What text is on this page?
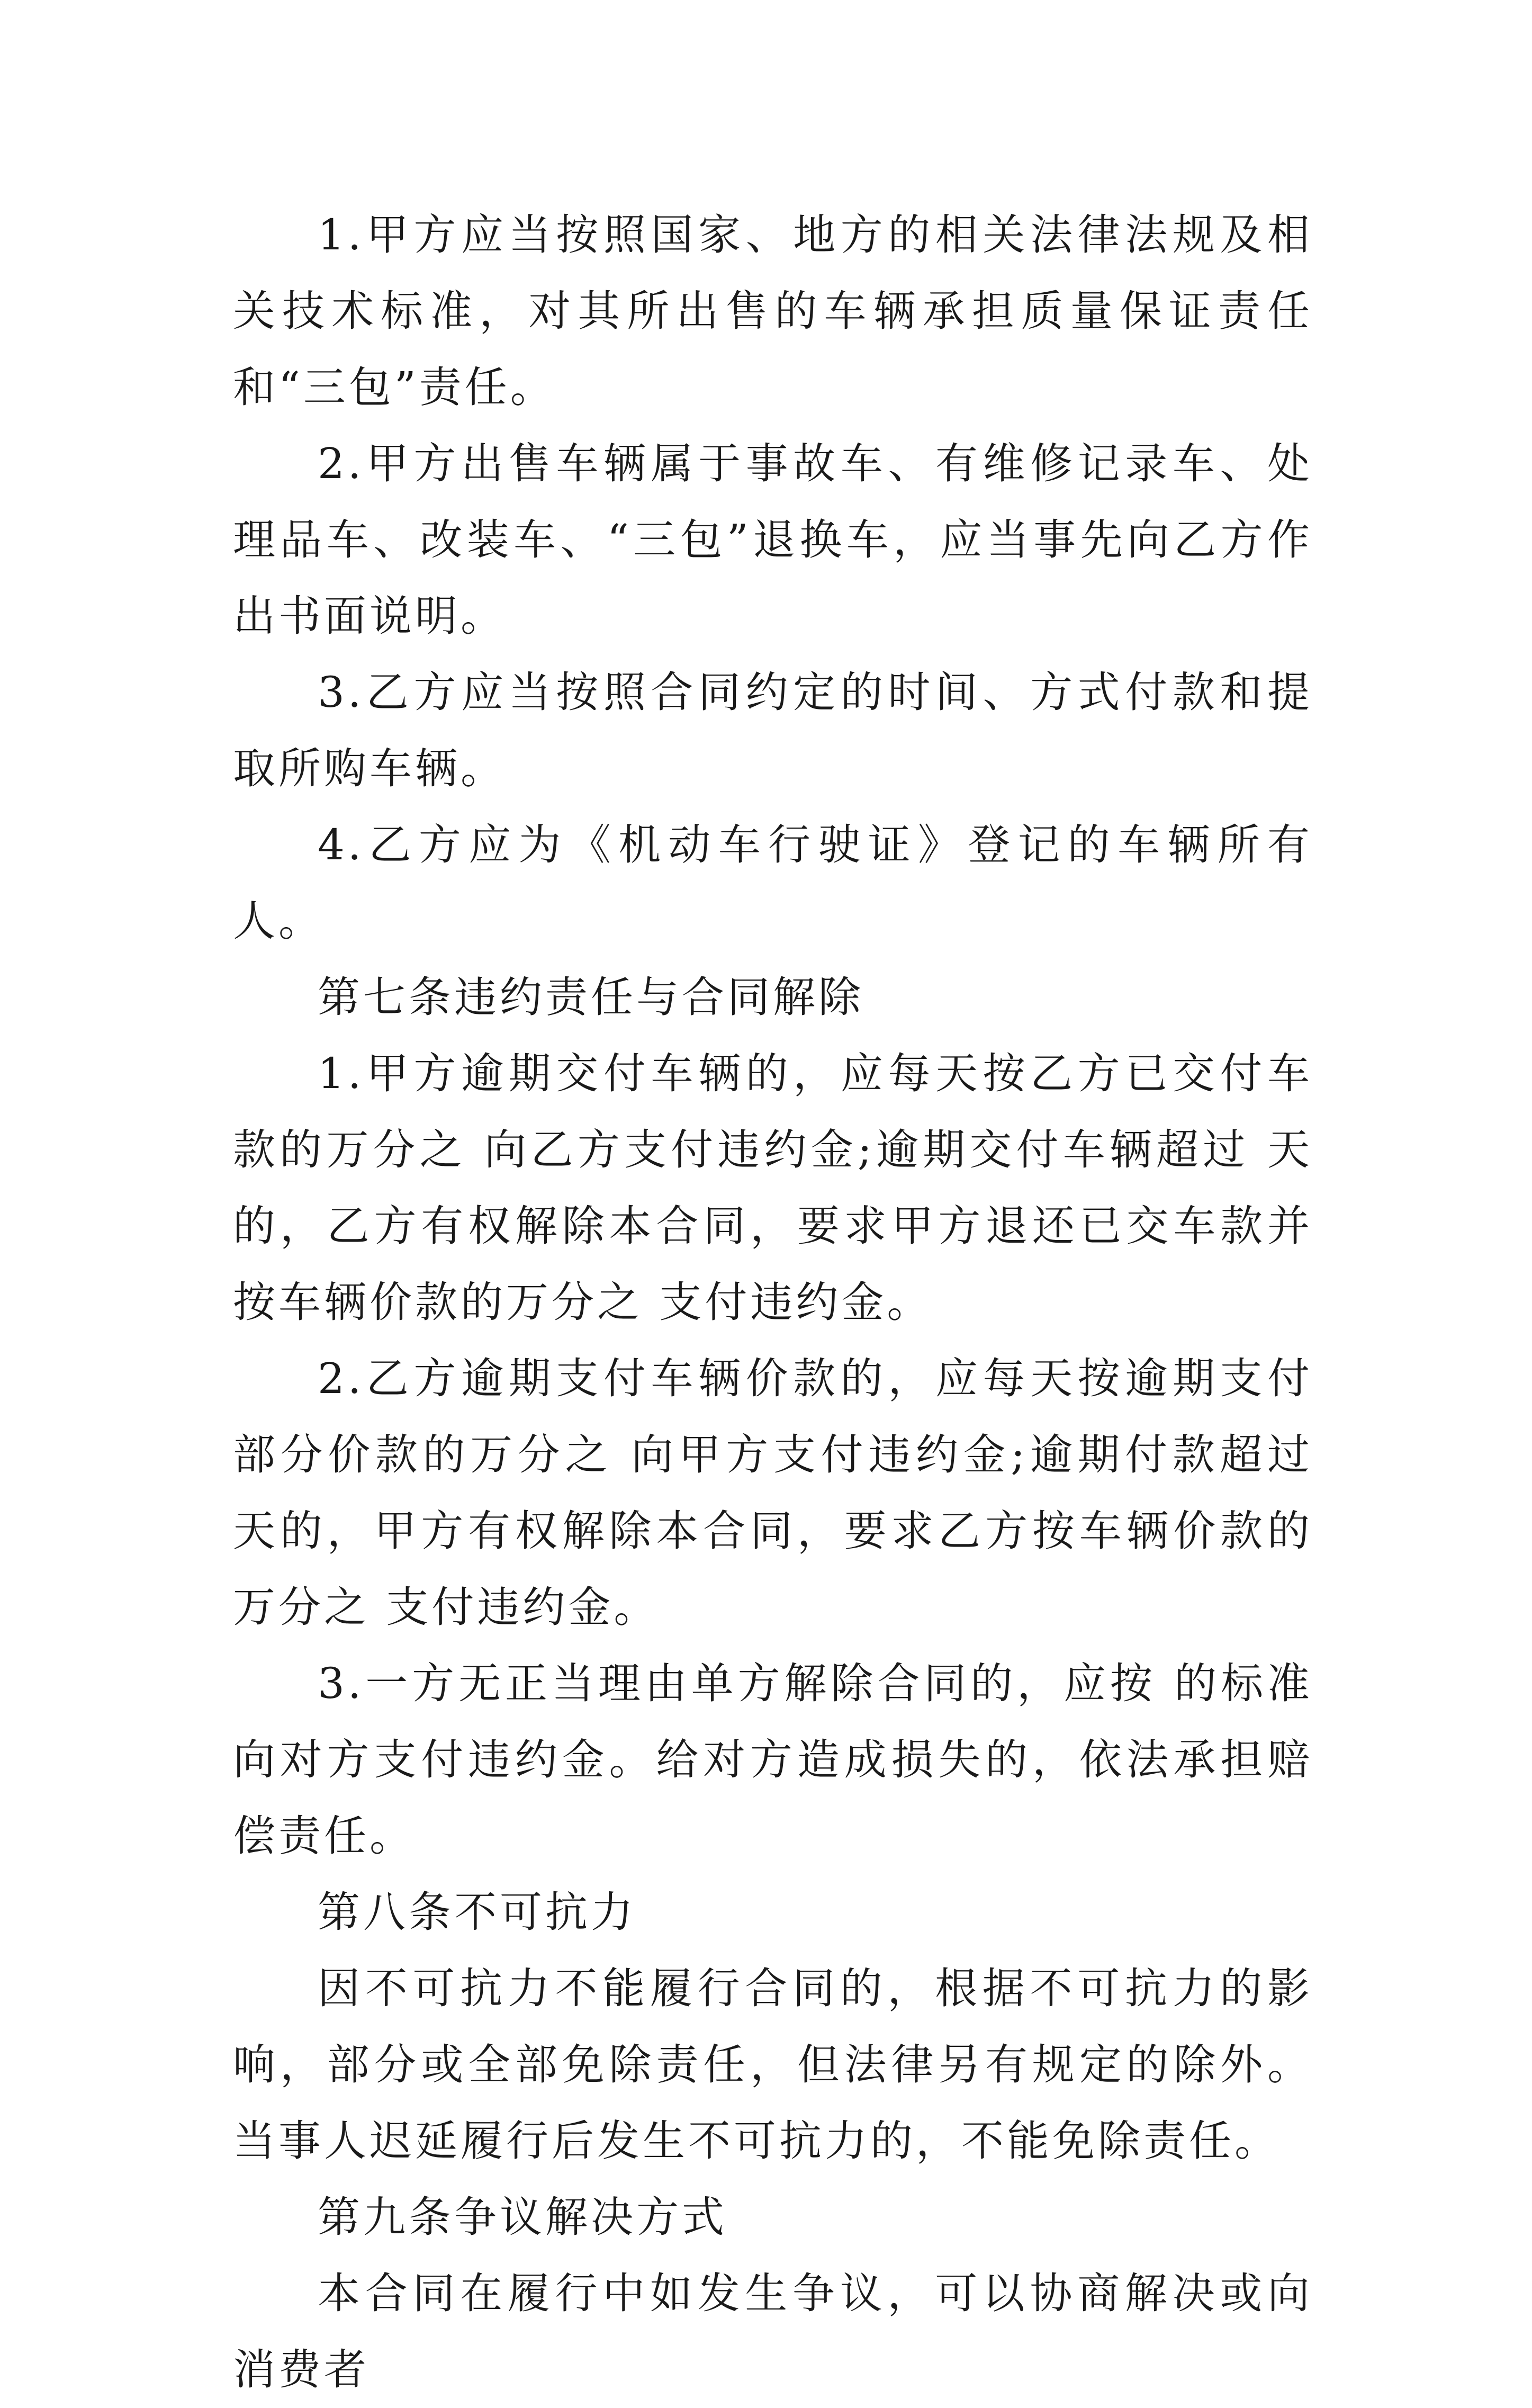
1.甲方应当按照国家、地方的相关法律法规及相关技术标准，对其所出售的车辆承担质量保证责任和“三包”责任。

2.甲方出售车辆属于事故车、有维修记录车、处理品车、改装车、“三包”退换车，应当事先向乙方作出书面说明。

3.乙方应当按照合同约定的时间、方式付款和提取所购车辆。

4.乙方应为《机动车行驶证》登记的车辆所有人。

第七条违约责任与合同解除

1.甲方逾期交付车辆的，应每天按乙方已交付车款的万分之 向乙方支付违约金;逾期交付车辆超过 天的，乙方有权解除本合同，要求甲方退还已交车款并按车辆价款的万分之 支付违约金。

2.乙方逾期支付车辆价款的，应每天按逾期支付部分价款的万分之 向甲方支付违约金;逾期付款超过 天的，甲方有权解除本合同，要求乙方按车辆价款的万分之 支付违约金。

3.一方无正当理由单方解除合同的，应按 的标准向对方支付违约金。给对方造成损失的，依法承担赔偿责任。

第八条不可抗力

因不可抗力不能履行合同的，根据不可抗力的影响，部分或全部免除责任，但法律另有规定的除外。当事人迟延履行后发生不可抗力的，不能免除责任。

第九条争议解决方式

本合同在履行中如发生争议，可以协商解决或向消费者
